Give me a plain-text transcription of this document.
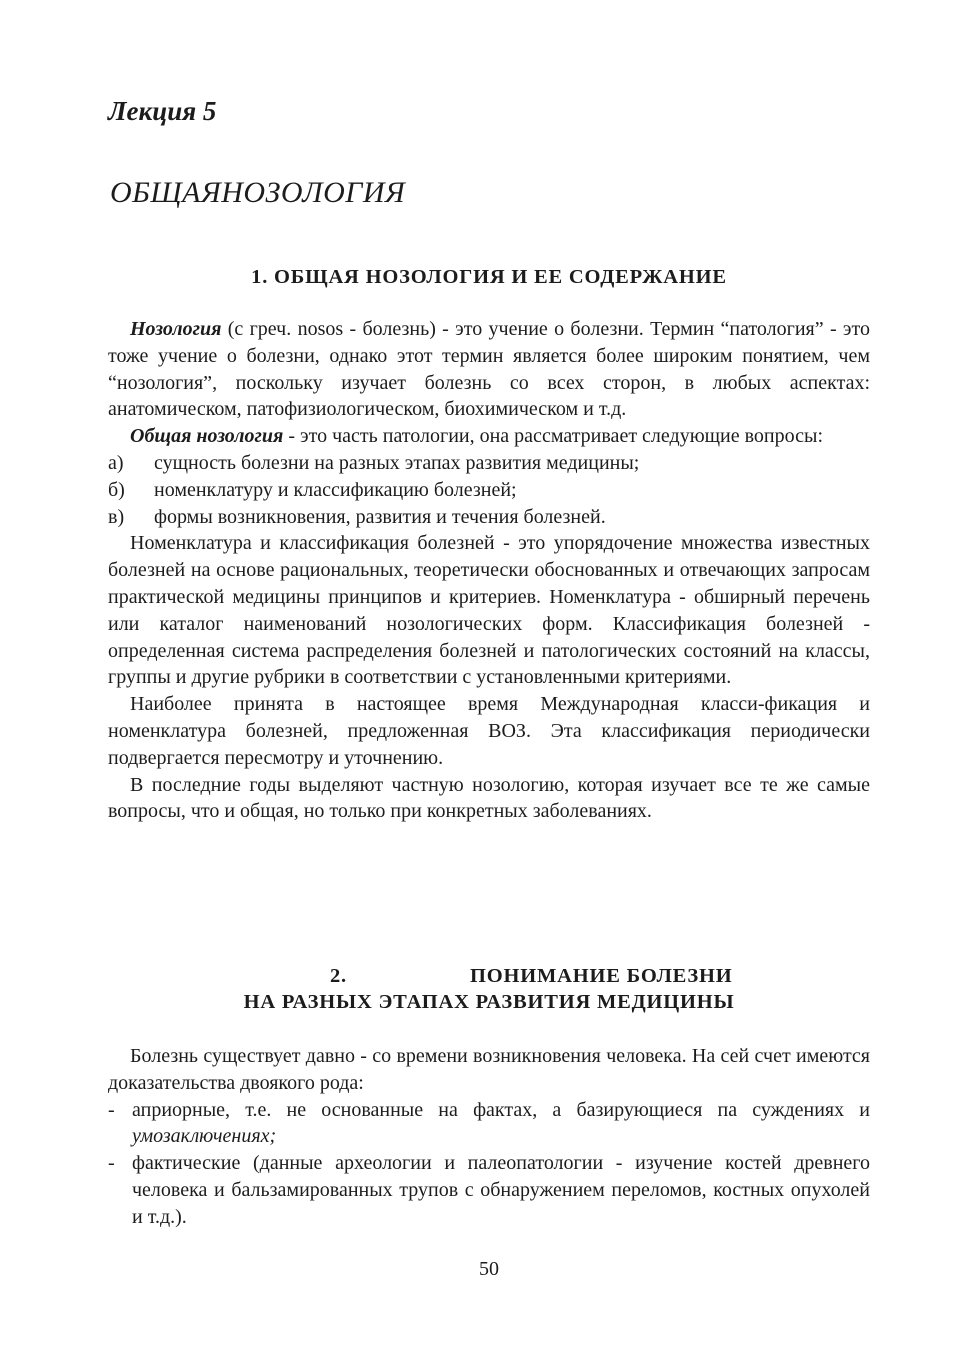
Лекция 5
ОБЩАЯНОЗОЛОГИЯ
1. ОБЩАЯ НОЗОЛОГИЯ И ЕЕ СОДЕРЖАНИЕ

Нозология (с греч. nosos - болезнь) - это учение о болезни. Термин “патология” - это тоже учение о болезни, однако этот термин является более широким понятием, чем “нозология”, поскольку изучает болезнь со всех сторон, в любых аспектах: анатомическом, патофизиологическом, биохимическом и т.д.

Общая нозология - это часть патологии, она рассматривает следующие вопросы:

а) сущность болезни на разных этапах развития медицины;
б) номенклатуру и классификацию болезней;
в) формы возникновения, развития и течения болезней.

Номенклатура и классификация болезней - это упорядочение множества известных болезней на основе рациональных, теоретически обоснованных и отвечающих запросам практической медицины принципов и критериев. Номенклатура - обширный перечень или каталог наименований нозологических форм. Классификация болезней - определенная система распределения болезней и патологических состояний на классы, группы и другие рубрики в соответствии с установленными критериями.

Наиболее принята в настоящее время Международная класси-фикация и номенклатура болезней, предложенная ВОЗ. Эта классификация периодически подвергается пересмотру и уточнению.

В последние годы выделяют частную нозологию, которая изучает все те же самые вопросы, что и общая, но только при конкретных заболеваниях.

2.	ПОНИМАНИЕ БОЛЕЗНИ
НА РАЗНЫХ ЭТАПАХ РАЗВИТИЯ МЕДИЦИНЫ

Болезнь существует давно - со времени возникновения человека. На сей счет имеются доказательства двоякого рода:

- априорные, т.е. не основанные на фактах, а базирующиеся па суждениях и умозаключениях;
- фактические (данные археологии и палеопатологии - изучение костей древнего человека и бальзамированных трупов с обнаружением переломов, костных опухолей и т.д.).
50
